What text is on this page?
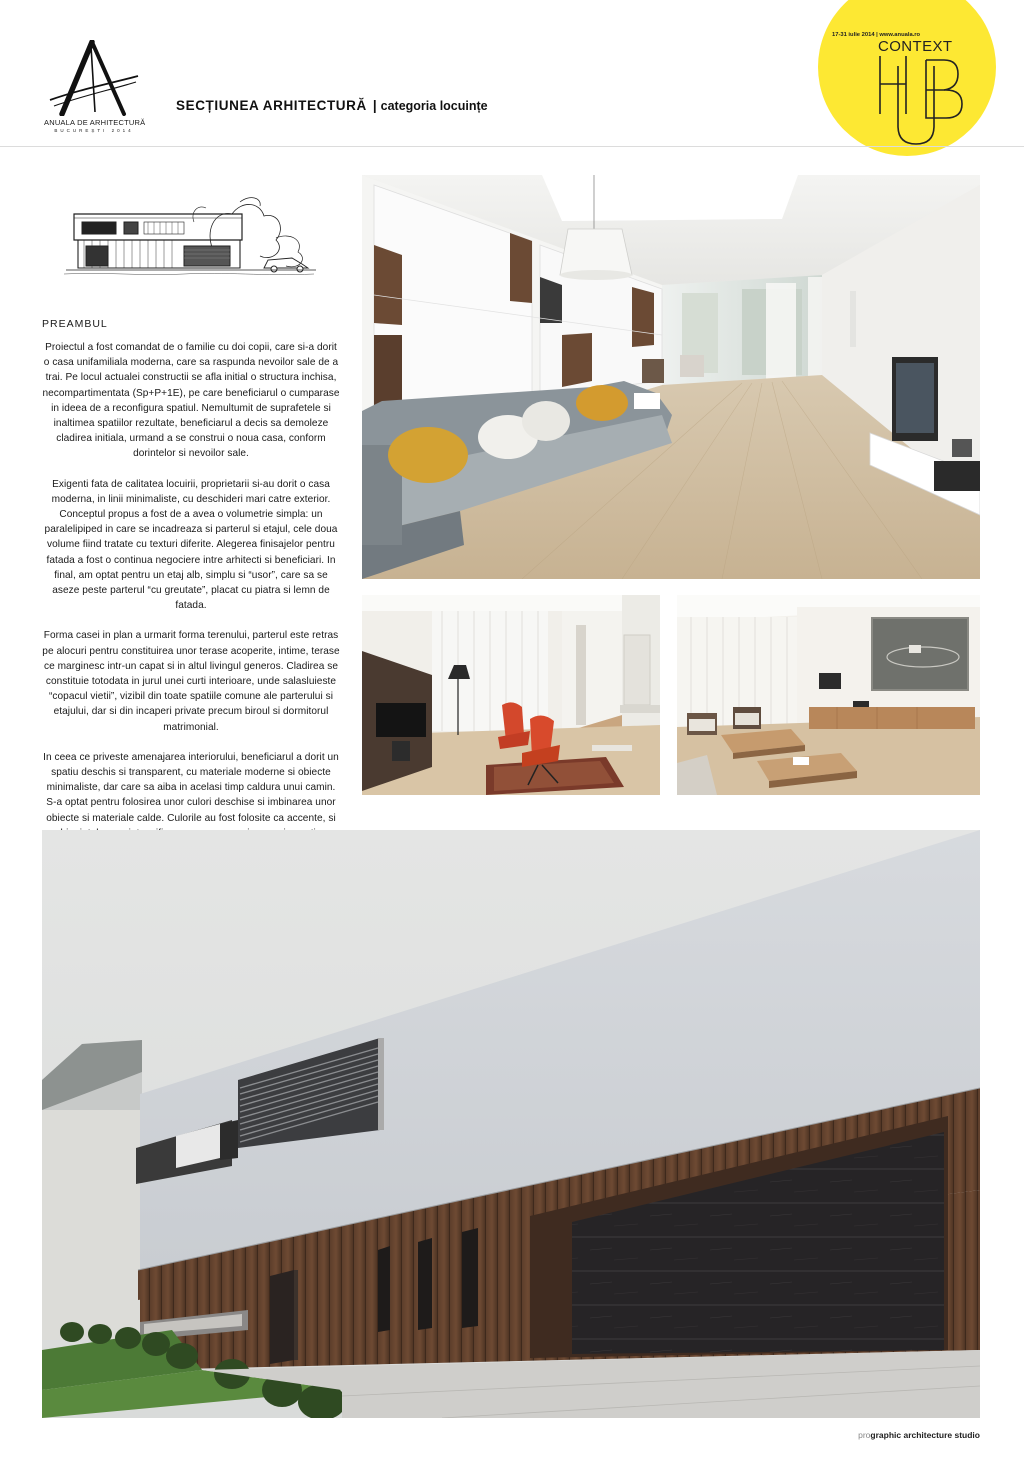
ANUALA DE ARHITECTURĂ
BUCUREȘTI 2014
SECȚIUNEA ARHITECTURĂ | categoria locuințe
17-31 iulie 2014 | www.anuala.ro
CONTEXT
PREAMBUL

Proiectul a fost comandat de o familie cu doi copii, care si-a dorit o casa unifamiliala moderna, care sa raspunda nevoilor sale de a trai. Pe locul actualei constructii se afla initial o structura inchisa, necompartimentata (Sp+P+1E), pe care beneficiarul o cumparase in ideea de a reconfigura spatiul. Nemultumit de suprafetele si inaltimea spatiilor rezultate, beneficiarul a decis sa demoleze cladirea initiala, urmand a se construi o noua casa, conform dorintelor si nevoilor sale.

Exigenti fata de calitatea locuirii, proprietarii si-au dorit o casa moderna, in linii minimaliste, cu deschideri mari catre exterior. Conceptul propus a fost de a avea o volumetrie simpla: un paralelipiped in care se incadreaza si parterul si etajul, cele doua volume fiind tratate cu texturi diferite. Alegerea finisajelor pentru fatada a fost o continua negociere intre arhitecti si beneficiari. In final, am optat pentru un etaj alb, simplu si “usor”, care sa se aseze peste parterul “cu greutate”, placat cu piatra si lemn de fatada.

Forma casei in plan a urmarit forma terenului, parterul este retras pe alocuri pentru constituirea unor terase acoperite, intime, terase ce marginesc intr-un capat si in altul livingul generos. Cladirea se constituie totodata in jurul unei curti interioare, unde salasluieste “copacul vietii”, vizibil din toate spatiile comune ale parterului si etajului, dar si din incaperi private precum biroul si dormitorul matrimonial.

In ceea ce priveste amenajarea interiorului, beneficiarul a dorit un spatiu deschis si transparent, cu materiale moderne si obiecte minimaliste, dar care sa aiba in acelasi timp caldura unui camin. S-a optat pentru folosirea unor culori deschise si imbinarea unor obiecte si materiale calde. Culorile au fost folosite ca accente, si

prographic architecture studio
